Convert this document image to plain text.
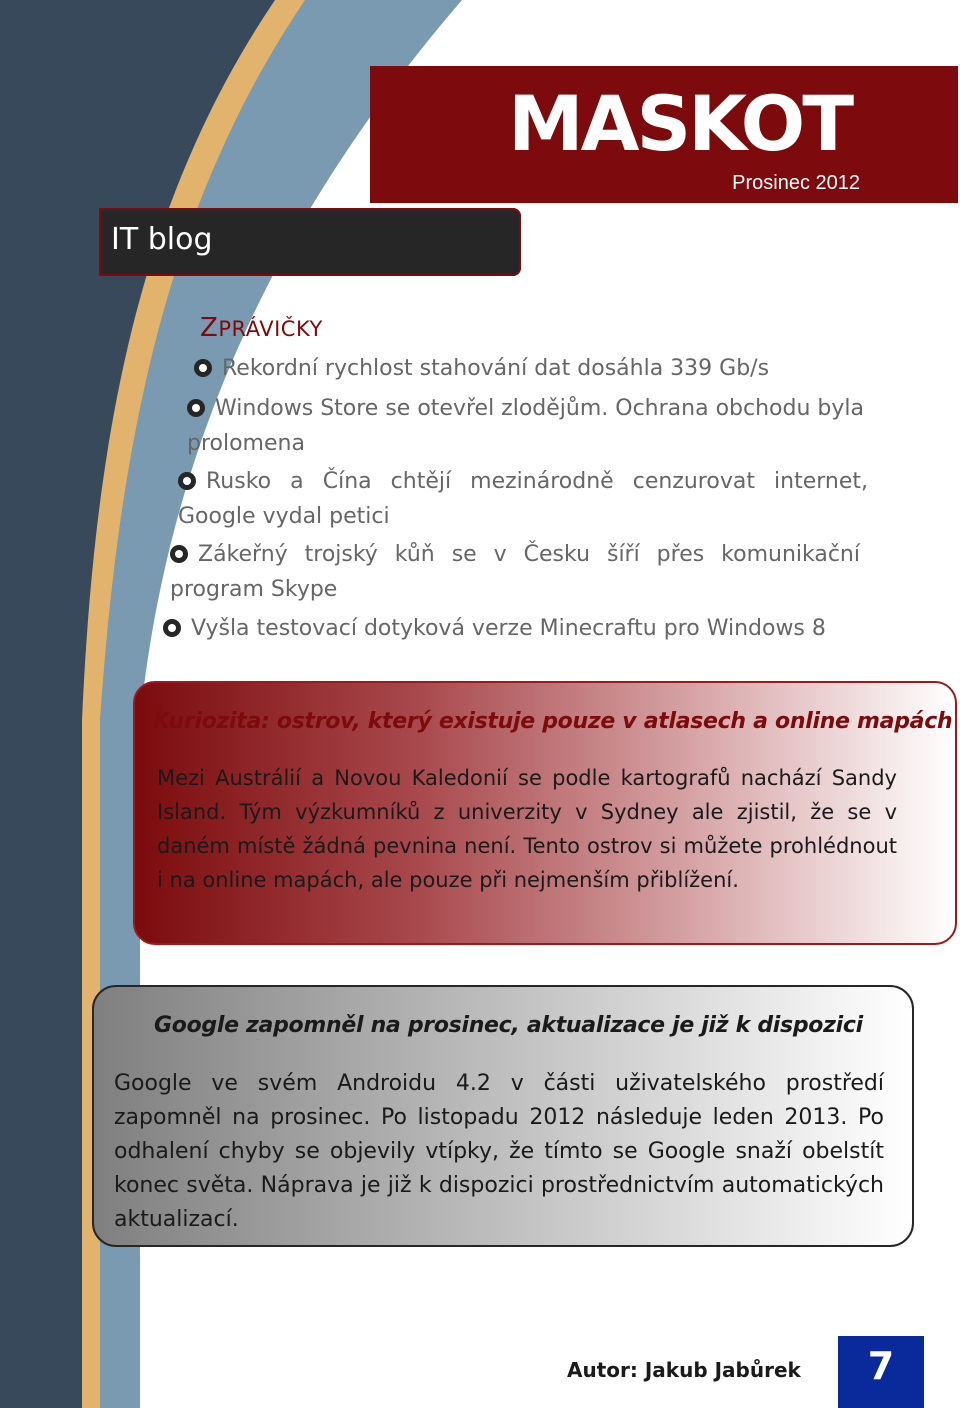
MASKOT
Prosinec 2012
IT blog
ZPRÁVIČKY
Rekordní rychlost stahování dat dosáhla 339 Gb/s
Windows Store se otevřel zlodějům. Ochrana obchodu byla prolomena
Rusko a Čína chtějí mezinárodně cenzurovat internet, Google vydal petici
Zákeřný trojský kůň se v Česku šíří přes komunikační program Skype
Vyšla testovací dotyková verze Minecraftu pro Windows 8
Kuriozita: ostrov, který existuje pouze v atlasech a online mapách
Mezi Austrálií a Novou Kaledonií se podle kartografů nachází Sandy Island. Tým výzkumníků z univerzity v Sydney ale zjistil, že se v daném místě žádná pevnina není. Tento ostrov si můžete prohlédnout i na online mapách, ale pouze při nejmenším přiblížení.
Google zapomněl na prosinec, aktualizace je již k dispozici
Google ve svém Androidu 4.2 v části uživatelského prostředí zapomněl na prosinec. Po listopadu 2012 následuje leden 2013. Po odhalení chyby se objevily vtípky, že tímto se Google snaží obelstít konec světa. Náprava je již k dispozici prostřednictvím automatických aktualizací.
Autor: Jakub Jabůrek	7
